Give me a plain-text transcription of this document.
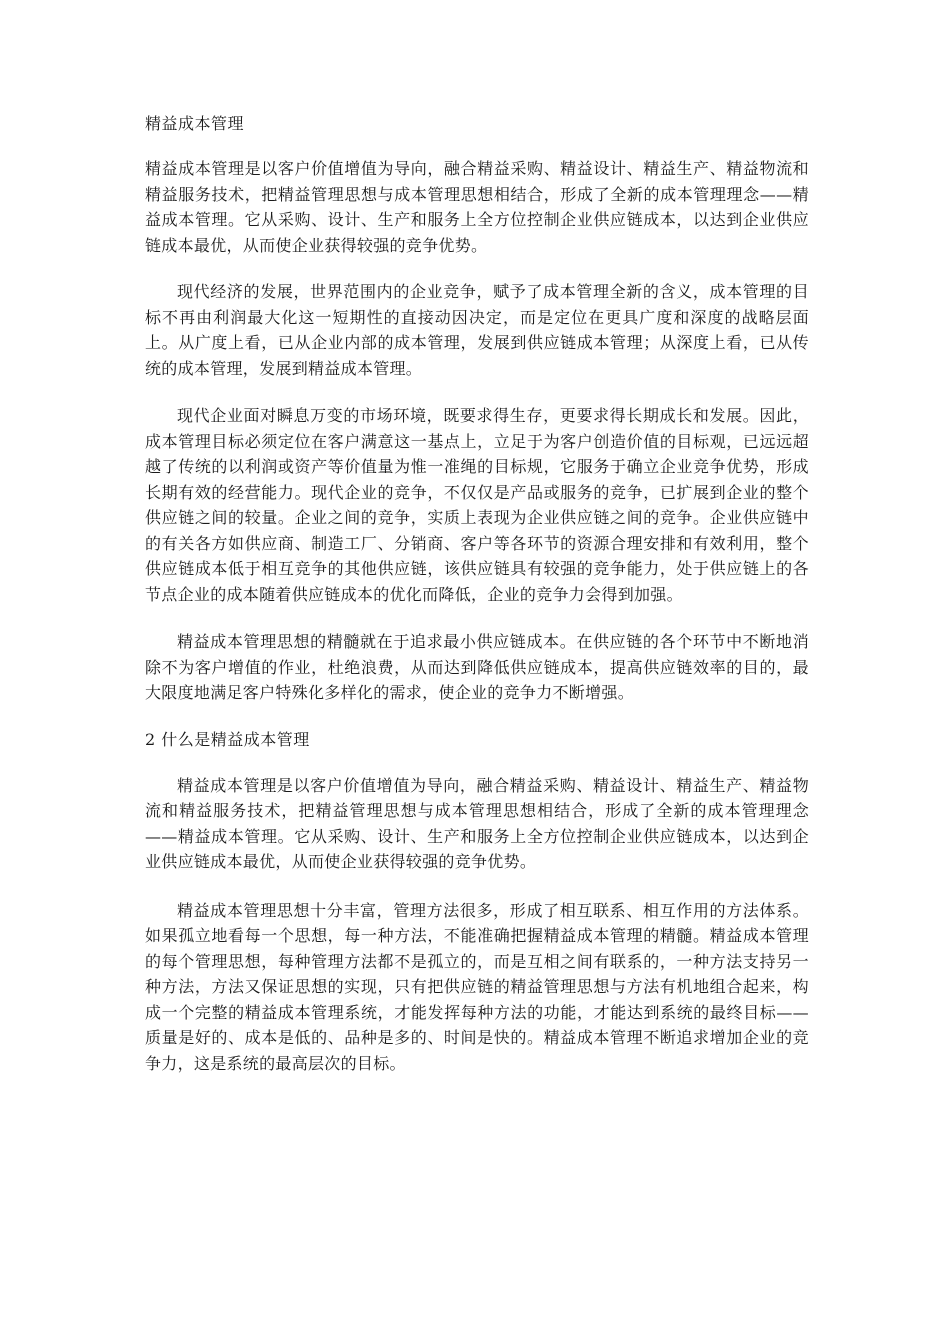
精益成本管理

精益成本管理是以客户价值增值为导向，融合精益采购、精益设计、精益生产、精益物流和精益服务技术，把精益管理思想与成本管理思想相结合，形成了全新的成本管理理念——精益成本管理。它从采购、设计、生产和服务上全方位控制企业供应链成本，以达到企业供应链成本最优，从而使企业获得较强的竞争优势。

现代经济的发展，世界范围内的企业竞争，赋予了成本管理全新的含义，成本管理的目标不再由利润最大化这一短期性的直接动因决定，而是定位在更具广度和深度的战略层面上。从广度上看，已从企业内部的成本管理，发展到供应链成本管理；从深度上看，已从传统的成本管理，发展到精益成本管理。

现代企业面对瞬息万变的市场环境，既要求得生存，更要求得长期成长和发展。因此，成本管理目标必须定位在客户满意这一基点上，立足于为客户创造价值的目标观，已远远超越了传统的以利润或资产等价值量为惟一准绳的目标规，它服务于确立企业竞争优势，形成长期有效的经营能力。现代企业的竞争，不仅仅是产品或服务的竞争，已扩展到企业的整个供应链之间的较量。企业之间的竞争，实质上表现为企业供应链之间的竞争。企业供应链中的有关各方如供应商、制造工厂、分销商、客户等各环节的资源合理安排和有效利用，整个供应链成本低于相互竞争的其他供应链，该供应链具有较强的竞争能力，处于供应链上的各节点企业的成本随着供应链成本的优化而降低，企业的竞争力会得到加强。

精益成本管理思想的精髓就在于追求最小供应链成本。在供应链的各个环节中不断地消除不为客户增值的作业，杜绝浪费，从而达到降低供应链成本，提高供应链效率的目的，最大限度地满足客户特殊化多样化的需求，使企业的竞争力不断增强。

2 什么是精益成本管理

精益成本管理是以客户价值增值为导向，融合精益采购、精益设计、精益生产、精益物流和精益服务技术，把精益管理思想与成本管理思想相结合，形成了全新的成本管理理念——精益成本管理。它从采购、设计、生产和服务上全方位控制企业供应链成本，以达到企业供应链成本最优，从而使企业获得较强的竞争优势。

精益成本管理思想十分丰富，管理方法很多，形成了相互联系、相互作用的方法体系。如果孤立地看每一个思想，每一种方法，不能准确把握精益成本管理的精髓。精益成本管理的每个管理思想，每种管理方法都不是孤立的，而是互相之间有联系的，一种方法支持另一种方法，方法又保证思想的实现，只有把供应链的精益管理思想与方法有机地组合起来，构成一个完整的精益成本管理系统，才能发挥每种方法的功能，才能达到系统的最终目标——质量是好的、成本是低的、品种是多的、时间是快的。精益成本管理不断追求增加企业的竞争力，这是系统的最高层次的目标。
